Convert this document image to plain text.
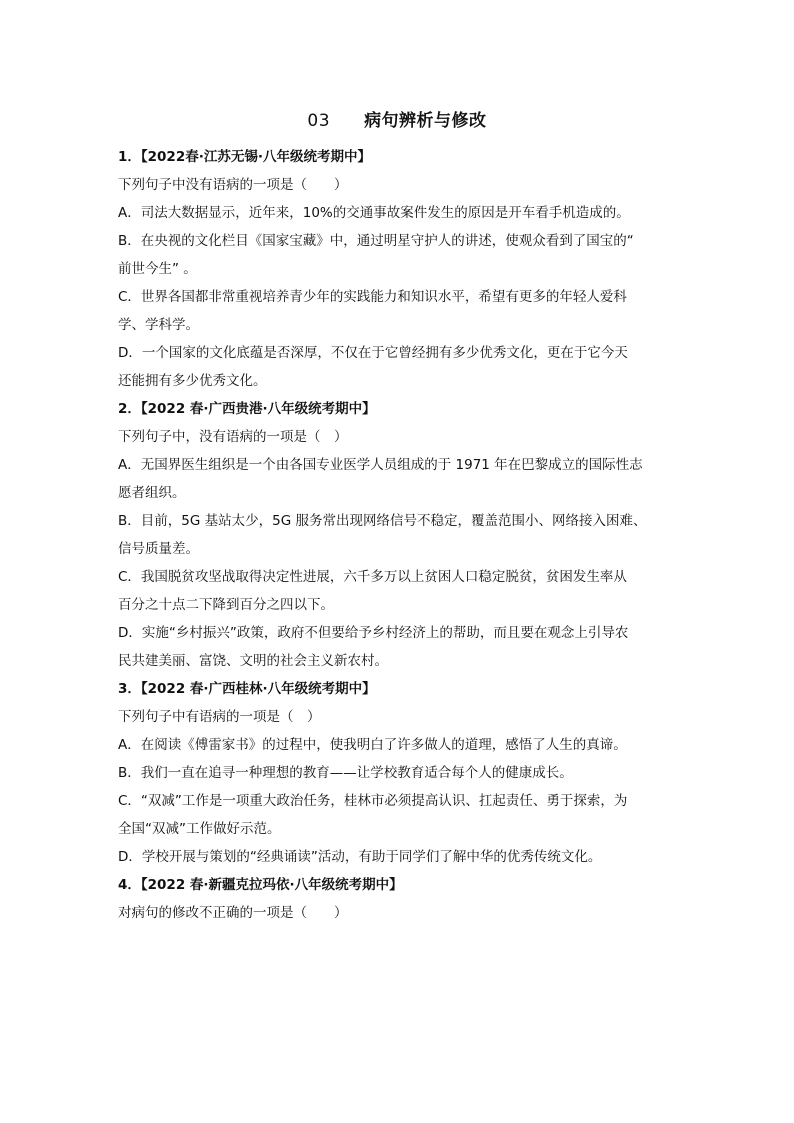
03 病句辨析与修改
1．【2022春·江苏无锡·八年级统考期中】
下列句子中没有语病的一项是（　　）
A．司法大数据显示，近年来，10%的交通事故案件发生的原因是开车看手机造成的。
B．在央视的文化栏目《国家宝藏》中，通过明星守护人的讲述，使观众看到了国宝的“
前世今生” 。
C．世界各国都非常重视培养青少年的实践能力和知识水平，希望有更多的年轻人爱科
学、学科学。
D．一个国家的文化底蕴是否深厚，不仅在于它曾经拥有多少优秀文化，更在于它今天
还能拥有多少优秀文化。
2．【2022 春·广西贵港·八年级统考期中】
下列句子中，没有语病的一项是（　）
A．无国界医生组织是一个由各国专业医学人员组成的于 1971 年在巴黎成立的国际性志
愿者组织。
B．目前，5G 基站太少，5G 服务常出现网络信号不稳定，覆盖范围小、网络接入困难、
信号质量差。
C．我国脱贫攻坚战取得决定性进展，六千多万以上贫困人口稳定脱贫，贫困发生率从
百分之十点二下降到百分之四以下。
D．实施“乡村振兴”政策，政府不但要给予乡村经济上的帮助，而且要在观念上引导农
民共建美丽、富饶、文明的社会主义新农村。
3．【2022 春·广西桂林·八年级统考期中】
下列句子中有语病的一项是（　）
A．在阅读《傅雷家书》的过程中，使我明白了许多做人的道理，感悟了人生的真谛。
B．我们一直在追寻一种理想的教育——让学校教育适合每个人的健康成长。
C．“双减”工作是一项重大政治任务，桂林市必须提高认识、扛起责任、勇于探索，为
全国“双减”工作做好示范。
D．学校开展与策划的“经典诵读”活动，有助于同学们了解中华的优秀传统文化。
4．【2022 春·新疆克拉玛依·八年级统考期中】
对病句的修改不正确的一项是（　　）
